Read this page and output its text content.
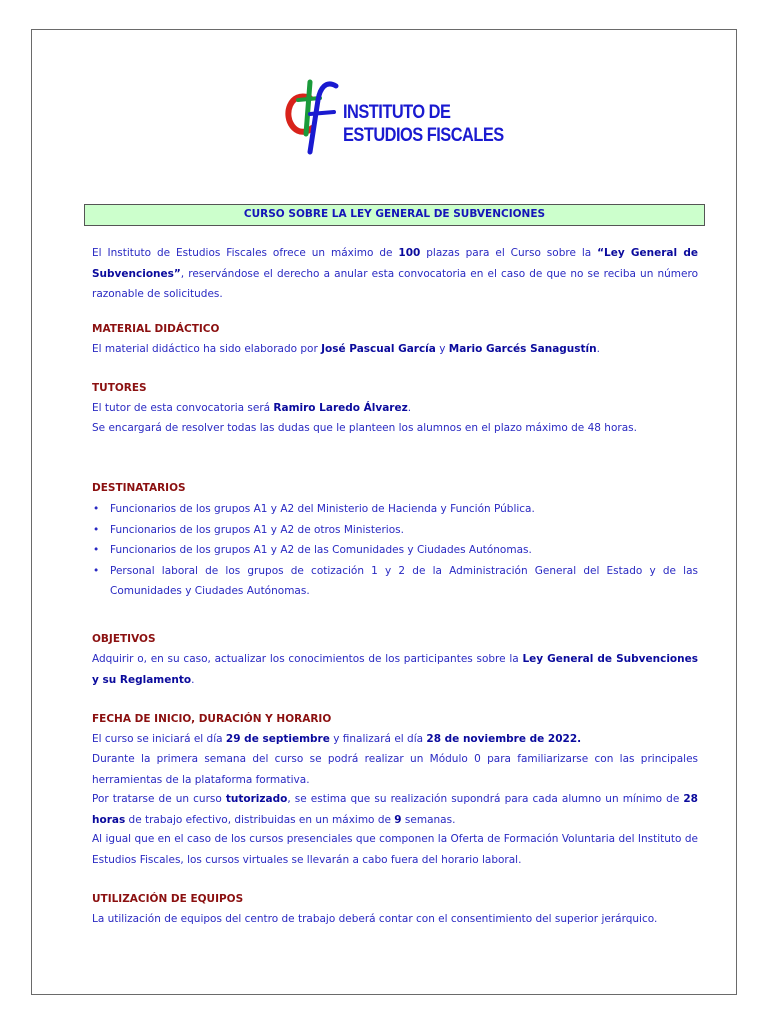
INSTITUTO DE
ESTUDIOS FISCALES
CURSO SOBRE LA LEY GENERAL DE SUBVENCIONES
El Instituto de Estudios Fiscales ofrece un máximo de 100 plazas para el Curso sobre la “Ley General de Subvenciones”, reservándose el derecho a anular esta convocatoria en el caso de que no se reciba un número razonable de solicitudes.
MATERIAL DIDÁCTICO
El material didáctico ha sido elaborado por José Pascual García y Mario Garcés Sanagustín.
TUTORES
El tutor de esta convocatoria será Ramiro Laredo Álvarez.
Se encargará de resolver todas las dudas que le planteen los alumnos en el plazo máximo de 48 horas.
DESTINATARIOS
• Funcionarios de los grupos A1 y A2 del Ministerio de Hacienda y Función Pública.
• Funcionarios de los grupos A1 y A2 de otros Ministerios.
• Funcionarios de los grupos A1 y A2 de las Comunidades y Ciudades Autónomas.
• Personal laboral de los grupos de cotización 1 y 2 de la Administración General del Estado y de las Comunidades y Ciudades Autónomas.
OBJETIVOS
Adquirir o, en su caso, actualizar los conocimientos de los participantes sobre la Ley General de Subvenciones y su Reglamento.
FECHA DE INICIO, DURACIÓN Y HORARIO
El curso se iniciará el día 29 de septiembre y finalizará el día 28 de noviembre de 2022.
Durante la primera semana del curso se podrá realizar un Módulo 0 para familiarizarse con las principales herramientas de la plataforma formativa.
Por tratarse de un curso tutorizado, se estima que su realización supondrá para cada alumno un mínimo de 28 horas de trabajo efectivo, distribuidas en un máximo de 9 semanas.
Al igual que en el caso de los cursos presenciales que componen la Oferta de Formación Voluntaria del Instituto de Estudios Fiscales, los cursos virtuales se llevarán a cabo fuera del horario laboral.
UTILIZACIÓN DE EQUIPOS
La utilización de equipos del centro de trabajo deberá contar con el consentimiento del superior jerárquico.
